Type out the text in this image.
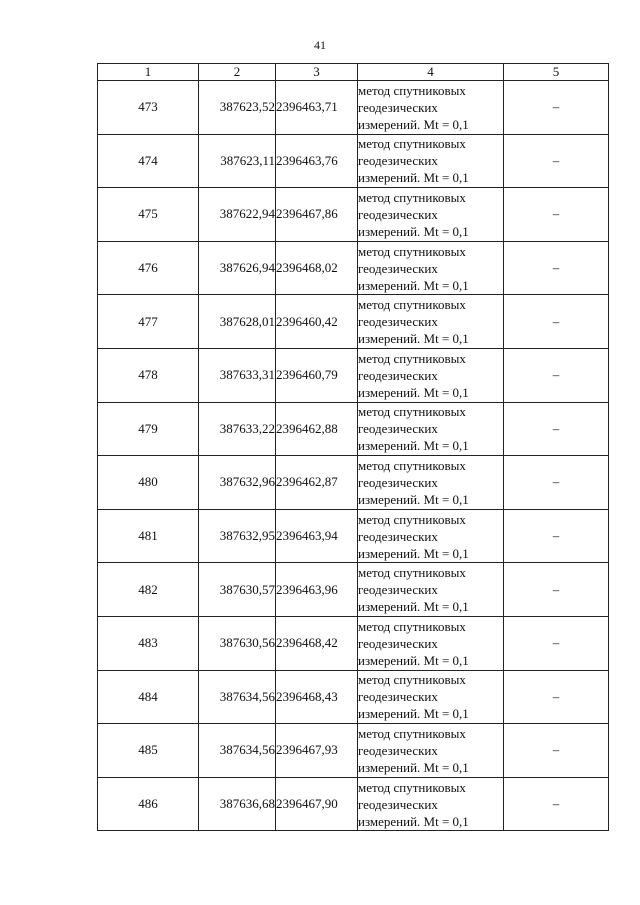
41
1	2	3	4	5
473	387623,52	2396463,71	метод спутниковых
геодезических
измерений. Mt = 0,1	–
474	387623,11	2396463,76	метод спутниковых
геодезических
измерений. Mt = 0,1	–
475	387622,94	2396467,86	метод спутниковых
геодезических
измерений. Mt = 0,1	–
476	387626,94	2396468,02	метод спутниковых
геодезических
измерений. Mt = 0,1	–
477	387628,01	2396460,42	метод спутниковых
геодезических
измерений. Mt = 0,1	–
478	387633,31	2396460,79	метод спутниковых
геодезических
измерений. Mt = 0,1	–
479	387633,22	2396462,88	метод спутниковых
геодезических
измерений. Mt = 0,1	–
480	387632,96	2396462,87	метод спутниковых
геодезических
измерений. Mt = 0,1	–
481	387632,95	2396463,94	метод спутниковых
геодезических
измерений. Mt = 0,1	–
482	387630,57	2396463,96	метод спутниковых
геодезических
измерений. Mt = 0,1	–
483	387630,56	2396468,42	метод спутниковых
геодезических
измерений. Mt = 0,1	–
484	387634,56	2396468,43	метод спутниковых
геодезических
измерений. Mt = 0,1	–
485	387634,56	2396467,93	метод спутниковых
геодезических
измерений. Mt = 0,1	–
486	387636,68	2396467,90	метод спутниковых
геодезических
измерений. Mt = 0,1	–
